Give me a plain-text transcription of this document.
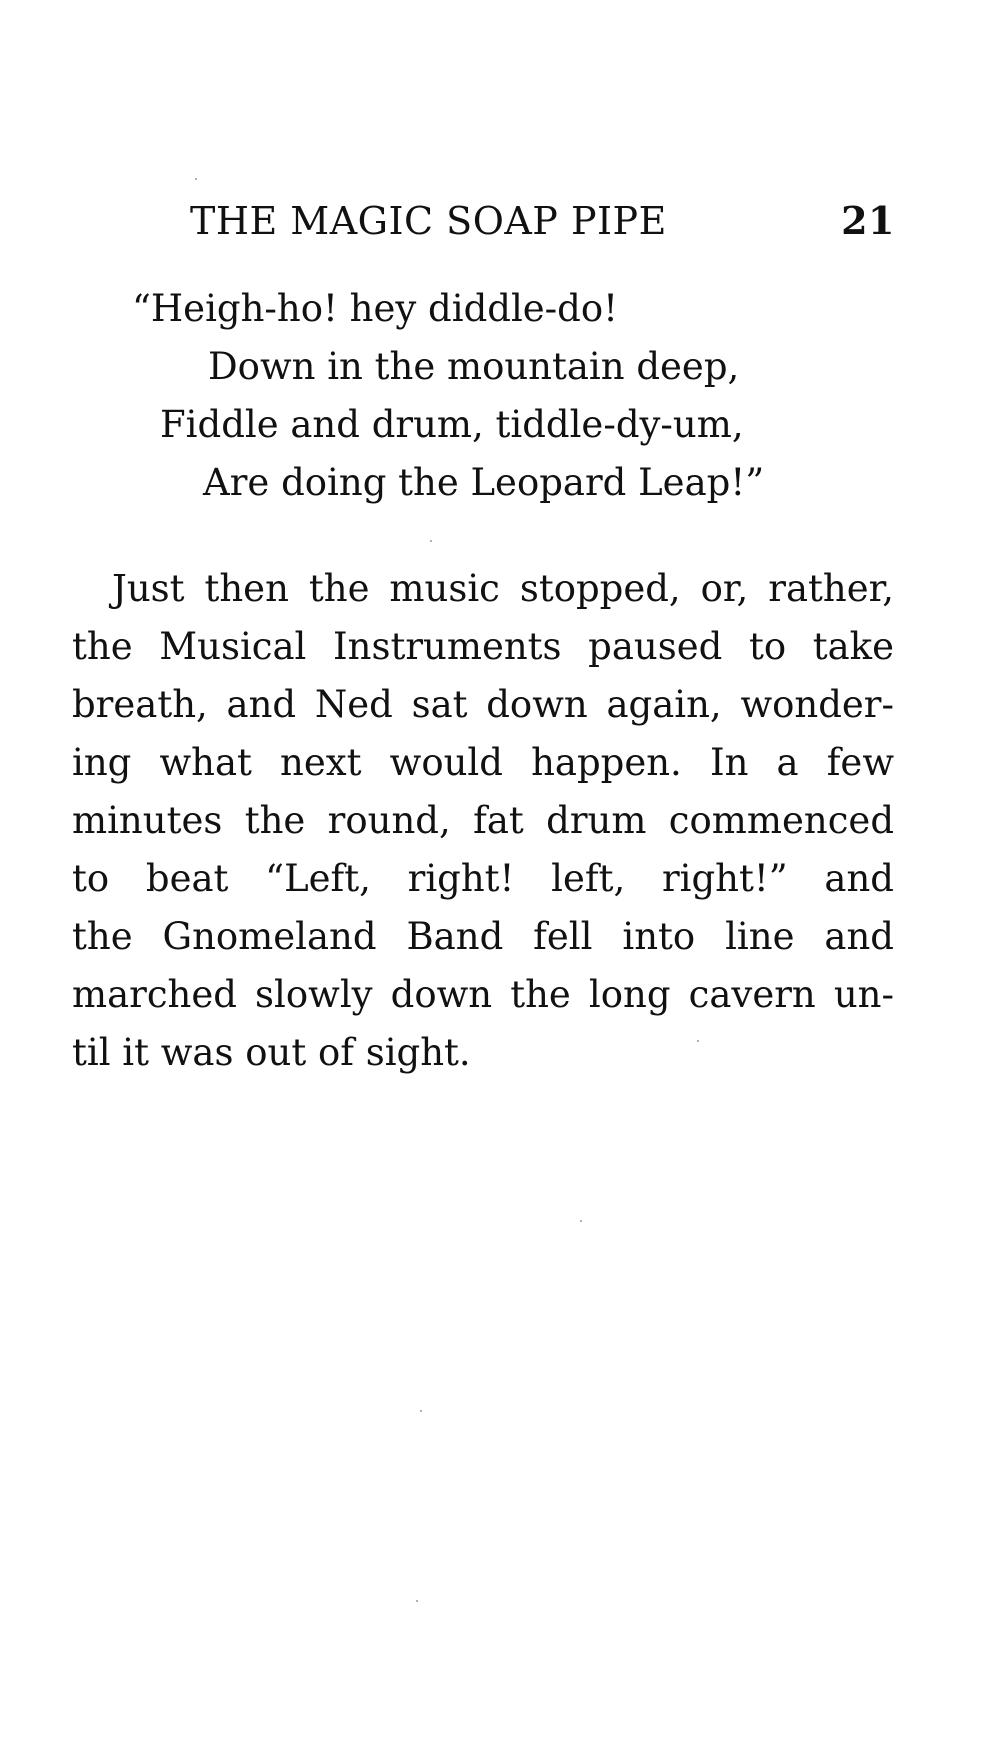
THE MAGIC SOAP PIPE	21
“Heigh-ho! hey diddle-do!
Down in the mountain deep,
Fiddle and drum, tiddle-dy-um,
Are doing the Leopard Leap!”
Just then the music stopped, or, rather,
the Musical Instruments paused to take
breath, and Ned sat down again, wonder-
ing what next would happen. In a few
minutes the round, fat drum commenced
to beat “Left, right! left, right!” and
the Gnomeland Band fell into line and
marched slowly down the long cavern un-
til it was out of sight.
